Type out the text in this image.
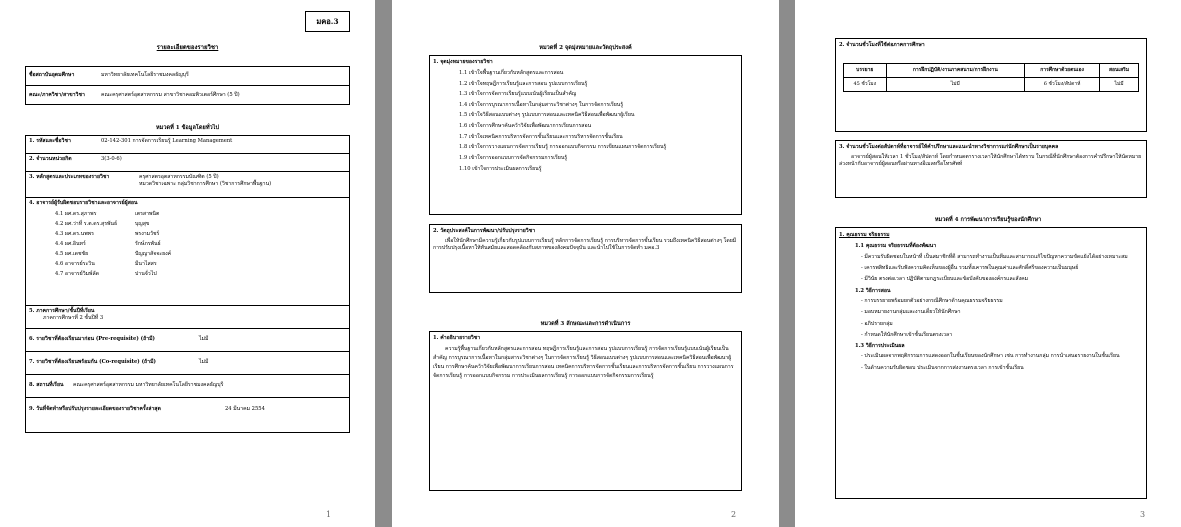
มคอ.3
รายละเอียดของรายวิชา
ชื่อสถาบันอุดมศึกษา	มหาวิทยาลัยเทคโนโลยีราชมงคลธัญบุรี
คณะ/ภาควิชา/สาขาวิชา	คณะครุศาสตร์อุตสาหกรรม สาขาวิชาคอมพิวเตอร์ศึกษา (5 ปี)
หมวดที่ 1 ข้อมูลโดยทั่วไป
1. รหัสและชื่อวิชา	02-142-301 การจัดการเรียนรู้ Learning Management
2. จำนวนหน่วยกิต	3(3-0-6)
3. หลักสูตรและประเภทของรายวิชา	ครุศาสตรอุตสาหกรรมบัณฑิต (5 ปี)
หมวดวิชาเฉพาะ กลุ่มวิชาการศึกษา (วิชาการศึกษาพื้นฐาน)
4. อาจารย์ผู้รับผิดชอบรายวิชาและอาจารย์ผู้สอน
4.1 ผศ.ดร.สุภาพร	เตรสาพนิต
4.2 ผศ.ว่าที่ ร.ต.ดร.สุรพันธ์	บุญสุข
4.3 ผศ.ดร.นพพร	พรงามวัชร์
4.4 ผศ.อินทร์	รักษ์ภรพันธ์
4.5 ผศ.เดชชัย	ปัญญาสัจจะยงค์
4.6 อาจารย์ระวิน	มีนาไสสร
4.7 อาจารย์วิมพ์ลัด	ปานจั่วไป
5. ภาคการศึกษา/ชั้นปีที่เรียน
ภาคการศึกษาที่ 2 ชั้นปีที่ 3
6. รายวิชาที่ต้องเรียนมาก่อน (Pre-requisite) (ถ้ามี)	ไม่มี
7. รายวิชาที่ต้องเรียนพร้อมกัน (Co-requisite) (ถ้ามี)	ไม่มี
8. สถานที่เรียน	คณะครุศาสตร์อุตสาหกรรม มหาวิทยาลัยเทคโนโลยีราชมงคลธัญบุรี
9. วันที่จัดทำหรือปรับปรุงรายละเอียดของรายวิชาครั้งล่าสุด	24 มีนาคม 2554
1
หมวดที่ 2 จุดมุ่งหมายและวัตถุประสงค์
1. จุดมุ่งหมายของรายวิชา
1.1 เข้าใจพื้นฐานเกี่ยวกับหลักสูตรและการสอน
1.2 เข้าใจทฤษฎีการเรียนรู้และการสอน รูปแบบการเรียนรู้
1.3 เข้าใจการจัดการเรียนรู้แบบเน้นผู้เรียนเป็นสำคัญ
1.4 เข้าใจการบูรณาการเนื้อหาในกลุ่มสาระวิชาต่างๆ ในการจัดการเรียนรู้
1.5 เข้าใจวิธีสอนแบบต่างๆ รูปแบบการสอนและเทคนิควิธีสอนเพื่อพัฒนาผู้เรียน
1.6 เข้าใจการศึกษาค้นคว้าวิจัยเพื่อพัฒนาการเรียนการสอน
1.7 เข้าใจเทคนิคการบริหารจัดการชั้นเรียนและการบริหารจัดการชั้นเรียน
1.8 เข้าใจการวางแผนการจัดการเรียนรู้ การออกแบบกิจกรรม การเขียนแผนการจัดการเรียนรู้
1.9 เข้าใจการออกแบบการจัดกิจกรรมการเรียนรู้
1.10 เข้าใจการประเมินผลการเรียนรู้
2. วัตถุประสงค์ในการพัฒนา/ปรับปรุงรายวิชา
เพื่อให้นักศึกษามีความรู้เกี่ยวกับรูปแบบการเรียนรู้ หลักการจัดการเรียนรู้ การบริหารจัดการชั้นเรียน รวมถึงเทคนิควิธีสอนต่างๆ โดยมีการปรับปรุงเนื้อหาให้ทันสมัยและสอดคล้องกับสภาพของสังคมปัจจุบัน และนำไปใช้ในการจัดทำ มคอ.3
หมวดที่ 3 ลักษณะและการดำเนินการ
1. คำอธิบายรายวิชา
ความรู้พื้นฐานเกี่ยวกับหลักสูตรและการสอน ทฤษฎีการเรียนรู้และการสอน รูปแบบการเรียนรู้ การจัดการเรียนรู้แบบเน้นผู้เรียนเป็นสำคัญ การบูรณาการเนื้อหาในกลุ่มสาระวิชาต่างๆ ในการจัดการเรียนรู้ วิธีสอนแบบต่างๆ รูปแบบการสอนและเทคนิควิธีสอนเพื่อพัฒนาผู้เรียน การศึกษาค้นคว้าวิจัยเพื่อพัฒนาการเรียนการสอน เทคนิคการบริหารจัดการชั้นเรียนและการบริหารจัดการชั้นเรียน การวางแผนการจัดการเรียนรู้ การออกแบบกิจกรรม การประเมินผลการเรียนรู้ การออกแบบการจัดกิจกรรมการเรียนรู้
2
2. จำนวนชั่วโมงที่ใช้ต่อภาคการศึกษา
บรรยาย	การฝึกปฏิบัติ/งานภาคสนาม/การฝึกงาน	การศึกษาด้วยตนเอง	สอนเสริม
45 ชั่วโมง	ไม่มี	6 ชั่วโมง/สัปดาห์	ไม่มี
3. จำนวนชั่วโมงต่อสัปดาห์ที่อาจารย์ให้คำปรึกษาและแนะนำทางวิชาการแก่นักศึกษาเป็นรายบุคคล
อาจารย์ผู้สอนให้เวลา 1 ชั่วโมง/สัปดาห์ โดยกำหนดตารางเวลาให้นักศึกษาได้ทราบ ในกรณีที่นักศึกษาต้องการคำปรึกษาให้นัดหมายล่วงหน้ากับอาจารย์ผู้สอนหรือผ่านทางอีเมลหรือโทรศัพท์
หมวดที่ 4 การพัฒนาการเรียนรู้ของนักศึกษา
1. คุณธรรม จริยธรรม
1.1 คุณธรรม จริยธรรมที่ต้องพัฒนา
- มีความรับผิดชอบในหน้าที่ เป็นสมาชิกที่ดี สามารถทำงานเป็นทีมและสามารถแก้ไขปัญหาความขัดแย้งได้อย่างเหมาะสม
- เคารพสิทธิและรับฟังความคิดเห็นของผู้อื่น รวมทั้งเคารพในคุณค่าและศักดิ์ศรีของความเป็นมนุษย์
- มีวินัย ตรงต่อเวลา ปฏิบัติตามกฎระเบียบและข้อบังคับขององค์กรและสังคม
1.2 วิธีการสอน
- การบรรยายพร้อมยกตัวอย่างกรณีศึกษาด้านคุณธรรมจริยธรรม
- มอบหมายงานกลุ่มและงานเดี่ยวให้นักศึกษา
- อภิปรายกลุ่ม
- กำหนดให้นักศึกษาเข้าชั้นเรียนตรงเวลา
1.3 วิธีการประเมินผล
- ประเมินผลจากพฤติกรรมการแสดงออกในชั้นเรียนของนักศึกษา เช่น การทำงานกลุ่ม การนำเสนอรายงานในชั้นเรียน
- ในด้านความรับผิดชอบ ประเมินจากการส่งงานตรงเวลา การเข้าชั้นเรียน
3
